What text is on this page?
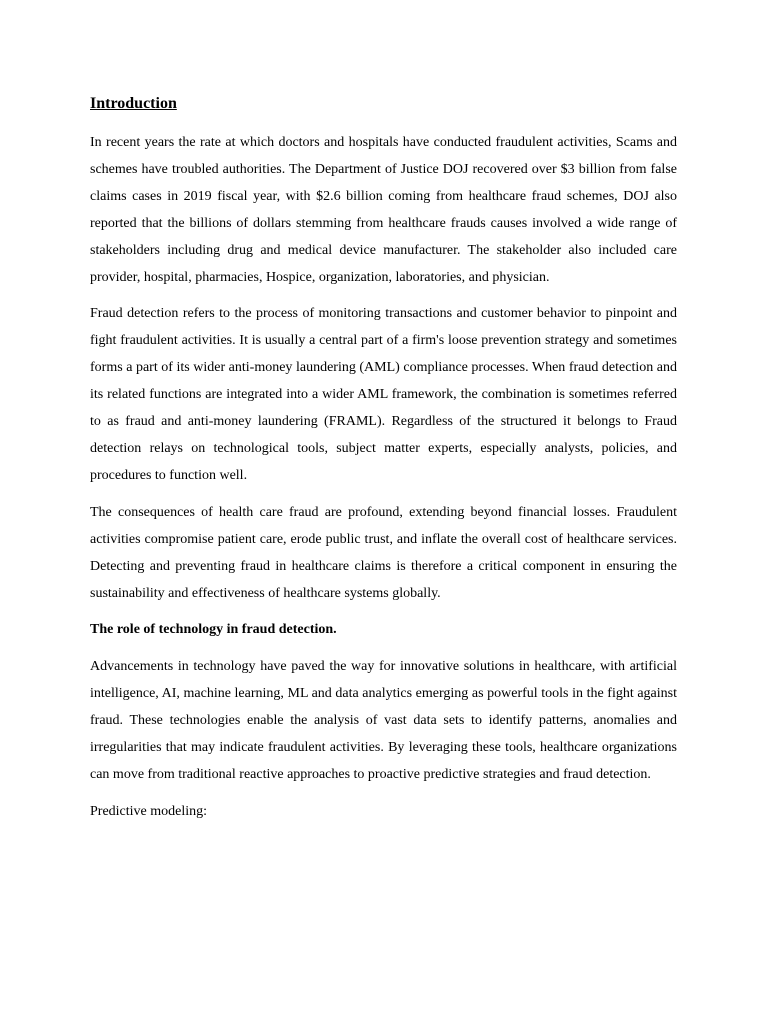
Introduction

In recent years the rate at which doctors and hospitals have conducted fraudulent activities, Scams and schemes have troubled authorities. The Department of Justice DOJ recovered over $3 billion from false claims cases in 2019 fiscal year, with $2.6 billion coming from healthcare fraud schemes, DOJ also reported that the billions of dollars stemming from healthcare frauds causes involved a wide range of stakeholders including drug and medical device manufacturer. The stakeholder also included care provider, hospital, pharmacies, Hospice, organization, laboratories, and physician.

Fraud detection refers to the process of monitoring transactions and customer behavior to pinpoint and fight fraudulent activities. It is usually a central part of a firm's loose prevention strategy and sometimes forms a part of its wider anti-money laundering (AML) compliance processes. When fraud detection and its related functions are integrated into a wider AML framework, the combination is sometimes referred to as fraud and anti-money laundering (FRAML). Regardless of the structured it belongs to Fraud detection relays on technological tools, subject matter experts, especially analysts, policies, and procedures to function well.

The consequences of health care fraud are profound, extending beyond financial losses. Fraudulent activities compromise patient care, erode public trust, and inflate the overall cost of healthcare services. Detecting and preventing fraud in healthcare claims is therefore a critical component in ensuring the sustainability and effectiveness of healthcare systems globally.

The role of technology in fraud detection.

Advancements in technology have paved the way for innovative solutions in healthcare, with artificial intelligence, AI, machine learning, ML and data analytics emerging as powerful tools in the fight against fraud. These technologies enable the analysis of vast data sets to identify patterns, anomalies and irregularities that may indicate fraudulent activities. By leveraging these tools, healthcare organizations can move from traditional reactive approaches to proactive predictive strategies and fraud detection.

Predictive modeling:
